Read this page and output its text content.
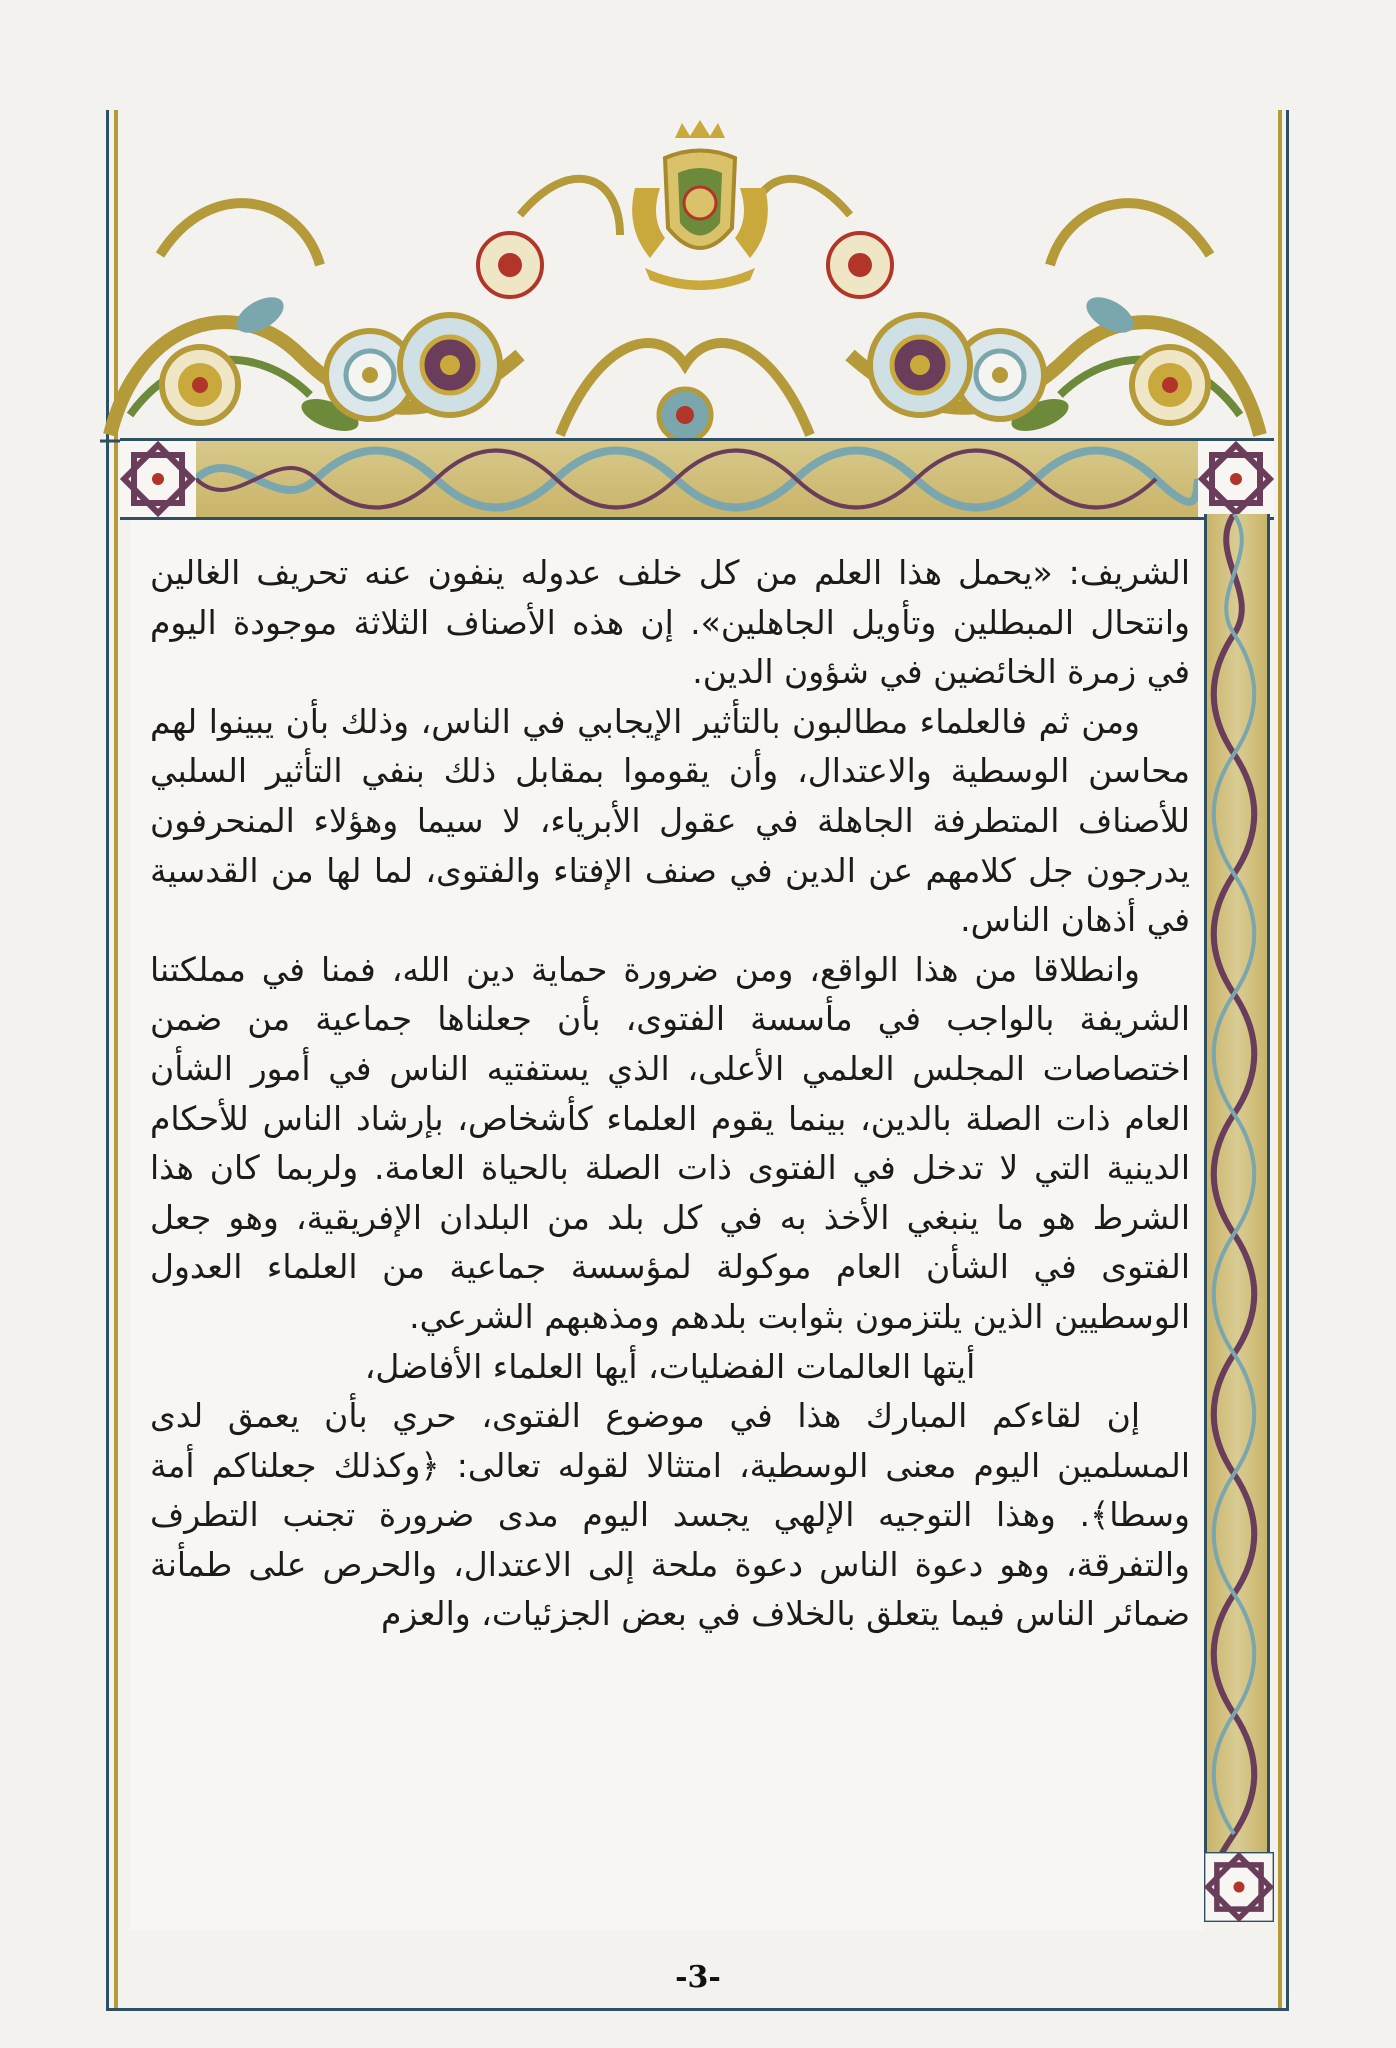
الشريف: «يحمل هذا العلم من كل خلف عدوله ينفون عنه تحريف الغالين وانتحال المبطلين وتأويل الجاهلين». إن هذه الأصناف الثلاثة موجودة اليوم في زمرة الخائضين في شؤون الدين.

ومن ثم فالعلماء مطالبون بالتأثير الإيجابي في الناس، وذلك بأن يبينوا لهم محاسن الوسطية والاعتدال، وأن يقوموا بمقابل ذلك بنفي التأثير السلبي للأصناف المتطرفة الجاهلة في عقول الأبرياء، لا سيما وهؤلاء المنحرفون يدرجون جل كلامهم عن الدين في صنف الإفتاء والفتوى، لما لها من القدسية في أذهان الناس.

وانطلاقا من هذا الواقع، ومن ضرورة حماية دين الله، فمنا في مملكتنا الشريفة بالواجب في مأسسة الفتوى، بأن جعلناها جماعية من ضمن اختصاصات المجلس العلمي الأعلى، الذي يستفتيه الناس في أمور الشأن العام ذات الصلة بالدين، بينما يقوم العلماء كأشخاص، بإرشاد الناس للأحكام الدينية التي لا تدخل في الفتوى ذات الصلة بالحياة العامة. ولربما كان هذا الشرط هو ما ينبغي الأخذ به في كل بلد من البلدان الإفريقية، وهو جعل الفتوى في الشأن العام موكولة لمؤسسة جماعية من العلماء العدول الوسطيين الذين يلتزمون بثوابت بلدهم ومذهبهم الشرعي.

أيتها العالمات الفضليات، أيها العلماء الأفاضل،

إن لقاءكم المبارك هذا في موضوع الفتوى، حري بأن يعمق لدى المسلمين اليوم معنى الوسطية، امتثالا لقوله تعالى: ﴿وكذلك جعلناكم أمة وسطا﴾. وهذا التوجيه الإلهي يجسد اليوم مدى ضرورة تجنب التطرف والتفرقة، وهو دعوة الناس دعوة ملحة إلى الاعتدال، والحرص على طمأنة ضمائر الناس فيما يتعلق بالخلاف في بعض الجزئيات، والعزم

-3-
